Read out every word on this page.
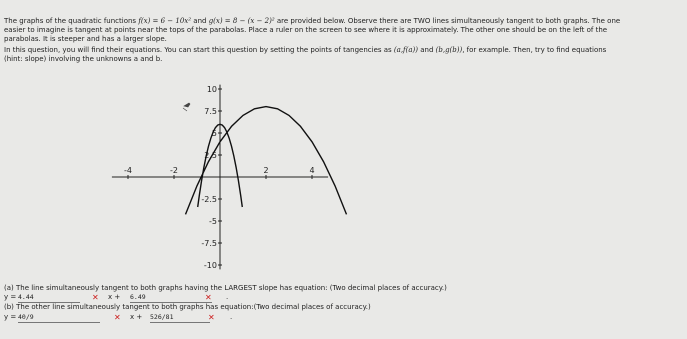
The graphs of the quadratic functions f(x) = 6 − 10x² and g(x) = 8 − (x − 2)² are provided below. Observe there are TWO lines simultaneously tangent to both graphs. The one
easier to imagine is tangent at points near the tops of the parabolas. Place a ruler on the screen to see where it is approximately. The other one should be on the left of the
parabolas. It is steeper and has a larger slope.
In this question, you will find their equations. You can start this question by setting the points of tangencies as (a,f(a)) and (b,g(b)), for example. Then, try to find equations
(hint: slope) involving the unknowns a and b.
-4	-2	2	4
10
7.5
5
2.5
-2.5
-5
-7.5
-10
(a) The line simultaneously tangent to both graphs having the LARGEST slope has equation: (Two decimal places of accuracy.)
y = 4.44	✕ x + 6.49	✕ .
(b) The other line simultaneously tangent to both graphs has equation:(Two decimal places of accuracy.)
y = 40/9	✕ x + 526/81	✕ .
